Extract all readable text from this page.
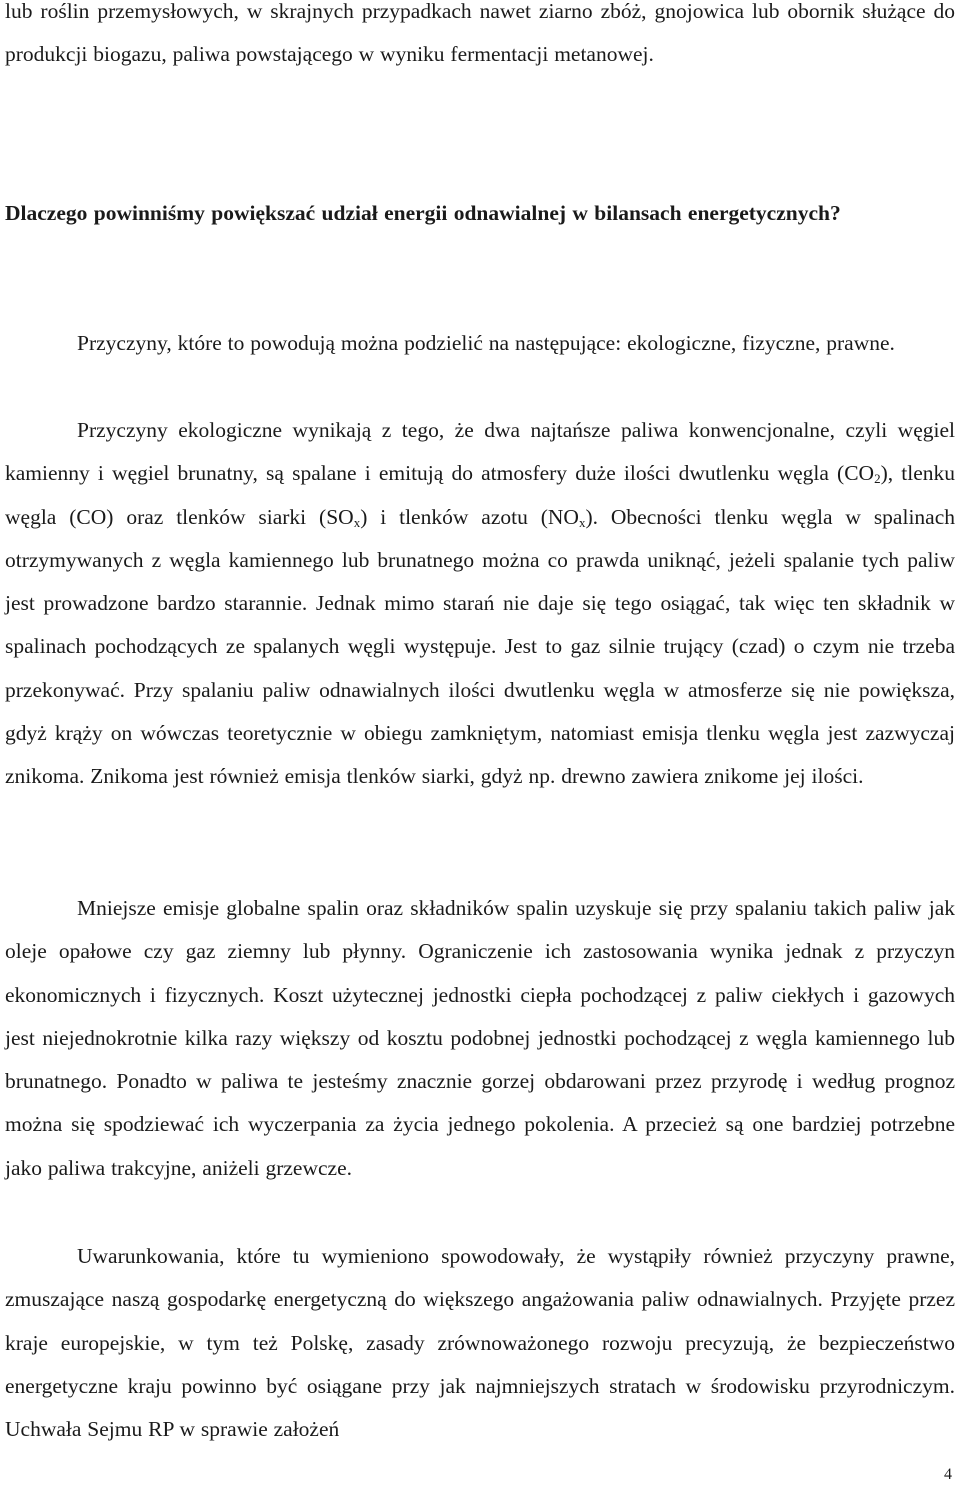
lub roślin przemysłowych, w skrajnych przypadkach nawet ziarno zbóż, gnojowica lub obornik służące do produkcji biogazu, paliwa powstającego w wyniku fermentacji metanowej.

Dlaczego powinniśmy powiększać udział energii odnawialnej w bilansach energetycznych?

Przyczyny, które to powodują można podzielić na następujące: ekologiczne, fizyczne, prawne.

Przyczyny ekologiczne wynikają z tego, że dwa najtańsze paliwa konwencjonalne, czyli węgiel kamienny i węgiel brunatny, są spalane i emitują do atmosfery duże ilości dwutlenku węgla $(CO_2)$, tlenku węgla (CO) oraz tlenków siarki $(SO_x)$ i tlenków azotu $(NO_x)$. Obecności tlenku węgla w spalinach otrzymywanych z węgla kamiennego lub brunatnego można co prawda uniknąć, jeżeli spalanie tych paliw jest prowadzone bardzo starannie. Jednak mimo starań nie daje się tego osiągać, tak więc ten składnik w spalinach pochodzących ze spalanych węgli występuje. Jest to gaz silnie trujący (czad) o czym nie trzeba przekonywać. Przy spalaniu paliw odnawialnych ilości dwutlenku węgla w atmosferze się nie powiększa, gdyż krąży on wówczas teoretycznie w obiegu zamkniętym, natomiast emisja tlenku węgla jest zazwyczaj znikoma. Znikoma jest również emisja tlenków siarki, gdyż np. drewno zawiera znikome jej ilości.

Mniejsze emisje globalne spalin oraz składników spalin uzyskuje się przy spalaniu takich paliw jak oleje opałowe czy gaz ziemny lub płynny. Ograniczenie ich zastosowania wynika jednak z przyczyn ekonomicznych i fizycznych. Koszt użytecznej jednostki ciepła pochodzącej z paliw ciekłych i gazowych jest niejednokrotnie kilka razy większy od kosztu podobnej jednostki pochodzącej z węgla kamiennego lub brunatnego. Ponadto w paliwa te jesteśmy znacznie gorzej obdarowani przez przyrodę i według prognoz można się spodziewać ich wyczerpania za życia jednego pokolenia. A przecież są one bardziej potrzebne jako paliwa trakcyjne, aniżeli grzewcze.

Uwarunkowania, które tu wymieniono spowodowały, że wystąpiły również przyczyny prawne, zmuszające naszą gospodarkę energetyczną do większego angażowania paliw odnawialnych. Przyjęte przez kraje europejskie, w tym też Polskę, zasady zrównoważonego rozwoju precyzują, że bezpieczeństwo energetyczne kraju powinno być osiągane przy jak najmniejszych stratach w środowisku przyrodniczym. Uchwała Sejmu RP w sprawie założeń

4
